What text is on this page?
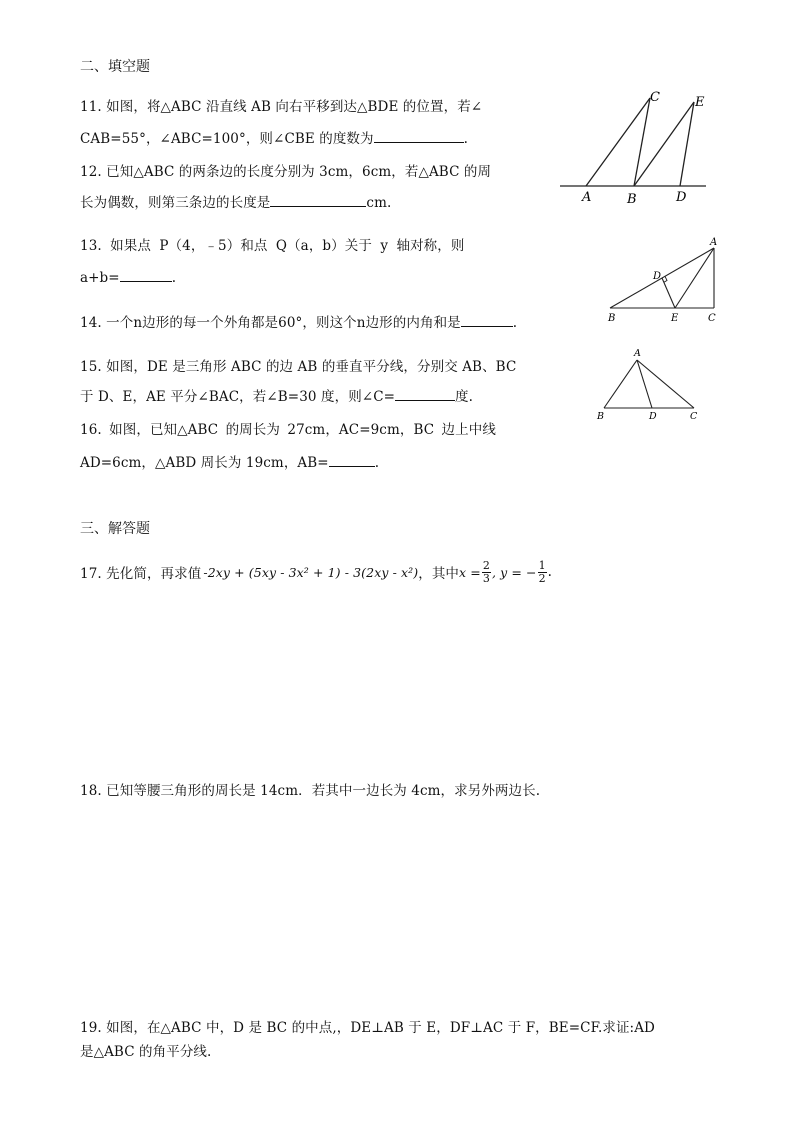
二、填空题
11. 如图，将△ABC 沿直线 AB 向右平移到达△BDE 的位置，若∠
CAB=55°，∠ABC=100°，则∠CBE 的度数为	.
12. 已知△ABC 的两条边的长度分别为 3cm，6cm，若△ABC 的周
长为偶数，则第三条边的长度是	cm.
13. 如果点 P（4，﹣5）和点 Q（a，b）关于 y 轴对称，则
a+b=	.
14. 一个n边形的每一个外角都是60°，则这个n边形的内角和是	.
15. 如图，DE 是三角形 ABC 的边 AB 的垂直平分线，分别交 AB、BC
于 D、E，AE 平分∠BAC，若∠B=30 度，则∠C=	度.
16. 如图，已知△ABC 的周长为 27cm，AC=9cm，BC 边上中线
AD=6cm，△ABD 周长为 19cm，AB=	.
三、解答题
17. 先化简，再求值 -2xy + (5xy - 3x² + 1) - 3(2xy - x²) ，其中 $x = \frac{2}{3}$ , y = − $\frac{1}{2}$ .
18. 已知等腰三角形的周长是 14cm．若其中一边长为 4cm，求另外两边长.
19. 如图，在△ABC 中，D 是 BC 的中点,，DE⊥AB 于 E，DF⊥AC 于 F，BE=CF.求证:AD
是△ABC 的角平分线.
A	B
C
D
E
B	E	C
A
D
A
B	D	C
